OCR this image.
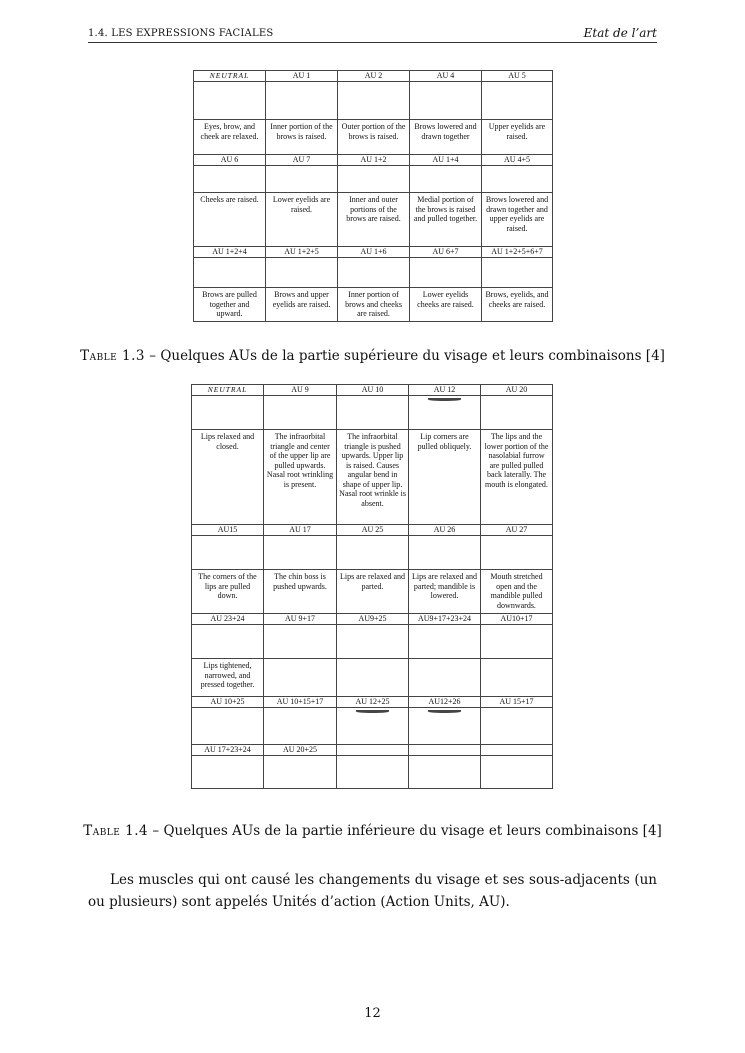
1.4. LES EXPRESSIONS FACIALES	Etat de l’art
NEUTRAL	AU 1	AU 2	AU 4	AU 5

Eyes, brow, and cheek are relaxed.	Inner portion of the brows is raised.	Outer portion of the brows is raised.	Brows lowered and drawn together	Upper eyelids are raised.
AU 6	AU 7	AU 1+2	AU 1+4	AU 4+5

Cheeks are raised.	Lower eyelids are raised.	Inner and outer portions of the brows are raised.	Medial portion of the brows is raised and pulled together.	Brows lowered and drawn together and upper eyelids are raised.
AU 1+2+4	AU 1+2+5	AU 1+6	AU 6+7	AU 1+2+5+6+7

Brows are pulled together and upward.	Brows and upper eyelids are raised.	Inner portion of brows and cheeks are raised.	Lower eyelids cheeks are raised.	Brows, eyelids, and cheeks are raised.
Table 1.3 – Quelques AUs de la partie supérieure du visage et leurs combinaisons [4]
NEUTRAL	AU 9	AU 10	AU 12	AU 20

Lips relaxed and closed.	The infraorbital triangle and center of the upper lip are pulled upwards. Nasal root wrinkling is present.	The infraorbital triangle is pushed upwards. Upper lip is raised. Causes angular bend in shape of upper lip. Nasal root wrinkle is absent.	Lip corners are pulled obliquely.	The lips and the lower portion of the nasolabial furrow are pulled pulled back laterally. The mouth is elongated.
AU15	AU 17	AU 25	AU 26	AU 27

The corners of the lips are pulled down.	The chin boss is pushed upwards.	Lips are relaxed and parted.	Lips are relaxed and parted; mandible is lowered.	Mouth stretched open and the mandible pulled downwards.
AU 23+24	AU 9+17	AU9+25	AU9+17+23+24	AU10+17

Lips tightened, narrowed, and pressed together.				
AU 10+25	AU 10+15+17	AU 12+25	AU12+26	AU 15+17

AU 17+23+24	AU 20+25			

Table 1.4 – Quelques AUs de la partie inférieure du visage et leurs combinaisons [4]

Les muscles qui ont causé les changements du visage et ses sous-adjacents (un ou plusieurs) sont appelés Unités d’action (Action Units, AU).

12
